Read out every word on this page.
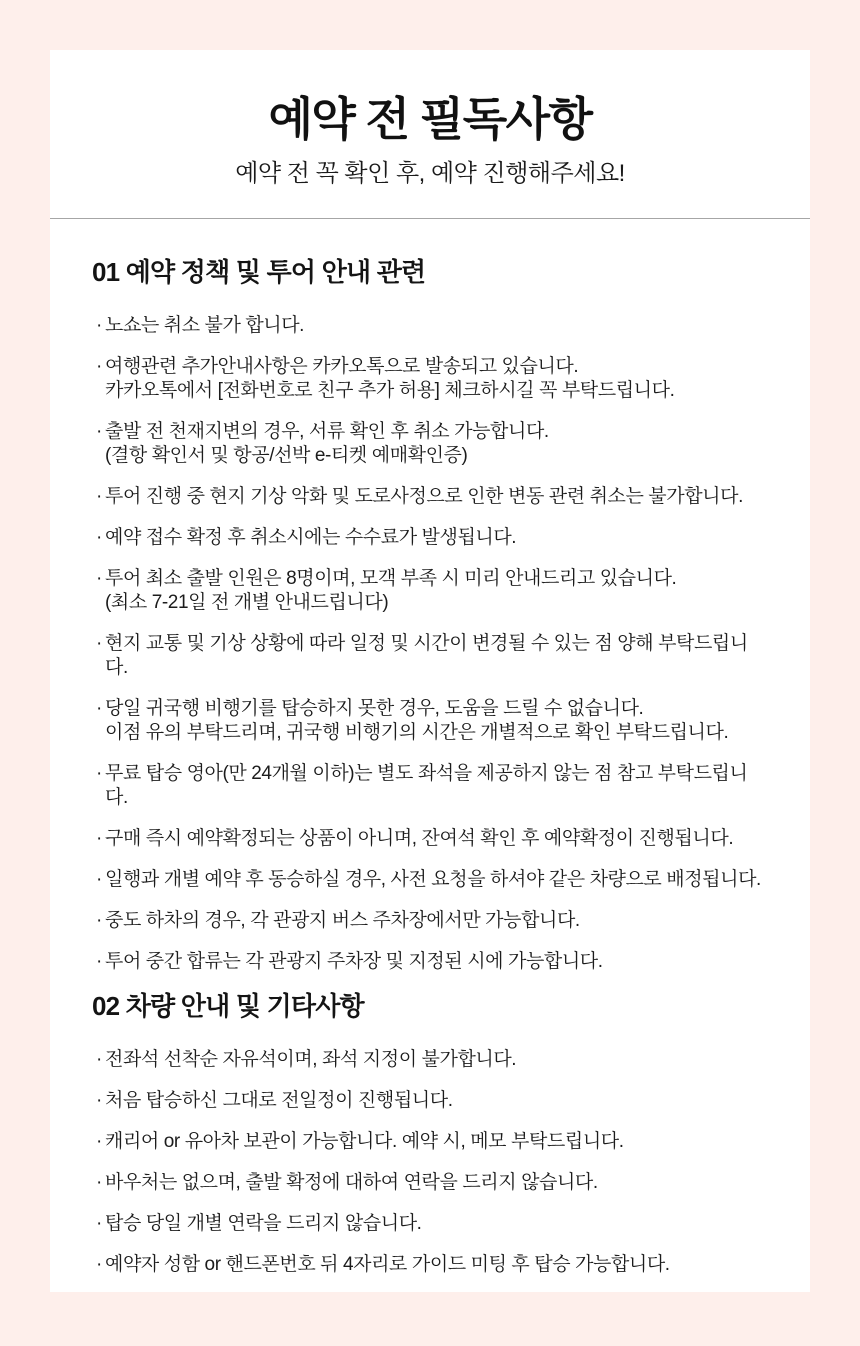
예약 전 필독사항

예약 전 꼭 확인 후, 예약 진행해주세요!

01 예약 정책 및 투어 안내 관련
· 노쇼는 취소 불가 합니다.
· 여행관련 추가안내사항은 카카오톡으로 발송되고 있습니다.
카카오톡에서 [전화번호로 친구 추가 허용] 체크하시길 꼭 부탁드립니다.
· 출발 전 천재지변의 경우, 서류 확인 후 취소 가능합니다.
(결항 확인서 및 항공/선박 e-티켓 예매확인증)
· 투어 진행 중 현지 기상 악화 및 도로사정으로 인한 변동 관련 취소는 불가합니다.
· 예약 접수 확정 후 취소시에는 수수료가 발생됩니다.
· 투어 최소 출발 인원은 8명이며, 모객 부족 시 미리 안내드리고 있습니다.
(최소 7-21일 전 개별 안내드립니다)
· 현지 교통 및 기상 상황에 따라 일정 및 시간이 변경될 수 있는 점 양해 부탁드립니다.
· 당일 귀국행 비행기를 탑승하지 못한 경우, 도움을 드릴 수 없습니다.
이점 유의 부탁드리며, 귀국행 비행기의 시간은 개별적으로 확인 부탁드립니다.
· 무료 탑승 영아(만 24개월 이하)는 별도 좌석을 제공하지 않는 점 참고 부탁드립니다.
· 구매 즉시 예약확정되는 상품이 아니며, 잔여석 확인 후 예약확정이 진행됩니다.
· 일행과 개별 예약 후 동승하실 경우, 사전 요청을 하셔야 같은 차량으로 배정됩니다.
· 중도 하차의 경우, 각 관광지 버스 주차장에서만 가능합니다.
· 투어 중간 합류는 각 관광지 주차장 및 지정된 시에 가능합니다.
02 차량 안내 및 기타사항
· 전좌석 선착순 자유석이며, 좌석 지정이 불가합니다.
· 처음 탑승하신 그대로 전일정이 진행됩니다.
· 캐리어 or 유아차 보관이 가능합니다. 예약 시, 메모 부탁드립니다.
· 바우처는 없으며, 출발 확정에 대하여 연락을 드리지 않습니다.
· 탑승 당일 개별 연락을 드리지 않습니다.
· 예약자 성함 or 핸드폰번호 뒤 4자리로 가이드 미팅 후 탑승 가능합니다.
